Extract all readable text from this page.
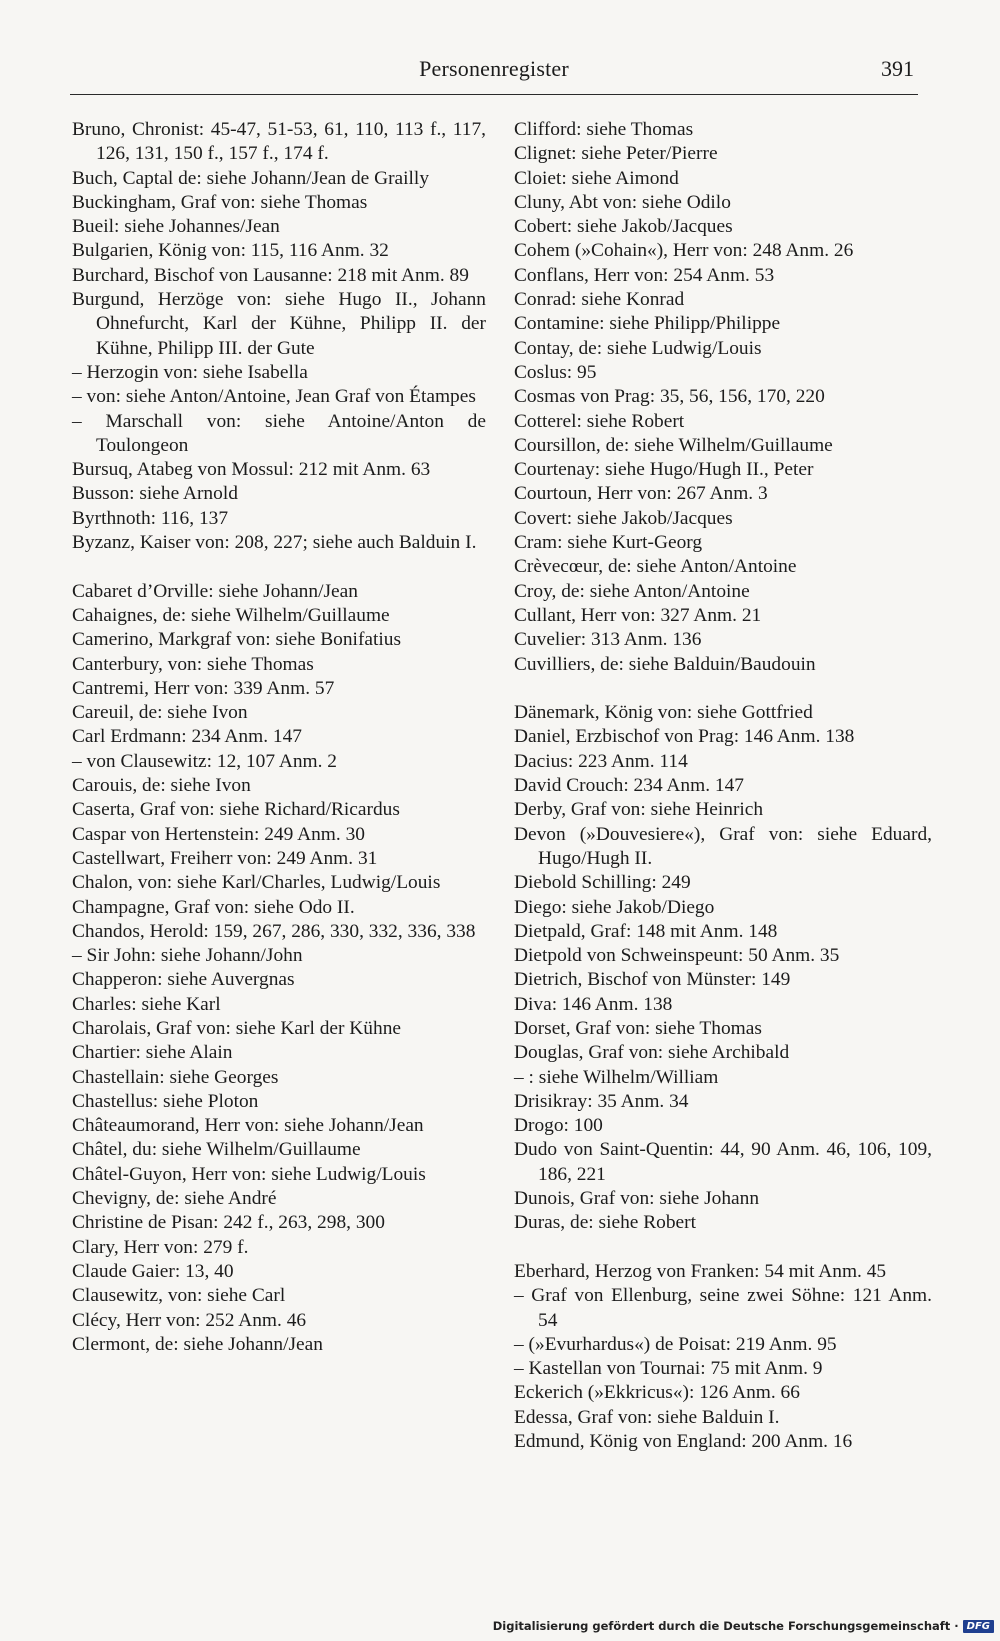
Personenregister	391
Bruno, Chronist: 45-47, 51-53, 61, 110, 113 f., 117, 126, 131, 150 f., 157 f., 174 f.
Buch, Captal de: siehe Johann/Jean de Grailly
Buckingham, Graf von: siehe Thomas
Bueil: siehe Johannes/Jean
Bulgarien, König von: 115, 116 Anm. 32
Burchard, Bischof von Lausanne: 218 mit Anm. 89
Burgund, Herzöge von: siehe Hugo II., Johann Ohnefurcht, Karl der Kühne, Philipp II. der Kühne, Philipp III. der Gute
– Herzogin von: siehe Isabella
– von: siehe Anton/Antoine, Jean Graf von Étampes
– Marschall von: siehe Antoine/Anton de Toulongeon
Bursuq, Atabeg von Mossul: 212 mit Anm. 63
Busson: siehe Arnold
Byrthnoth: 116, 137
Byzanz, Kaiser von: 208, 227; siehe auch Balduin I.
Cabaret d’Orville: siehe Johann/Jean
Cahaignes, de: siehe Wilhelm/Guillaume
Camerino, Markgraf von: siehe Bonifatius
Canterbury, von: siehe Thomas
Cantremi, Herr von: 339 Anm. 57
Careuil, de: siehe Ivon
Carl Erdmann: 234 Anm. 147
– von Clausewitz: 12, 107 Anm. 2
Carouis, de: siehe Ivon
Caserta, Graf von: siehe Richard/Ricardus
Caspar von Hertenstein: 249 Anm. 30
Castellwart, Freiherr von: 249 Anm. 31
Chalon, von: siehe Karl/Charles, Ludwig/Louis
Champagne, Graf von: siehe Odo II.
Chandos, Herold: 159, 267, 286, 330, 332, 336, 338
– Sir John: siehe Johann/John
Chapperon: siehe Auvergnas
Charles: siehe Karl
Charolais, Graf von: siehe Karl der Kühne
Chartier: siehe Alain
Chastellain: siehe Georges
Chastellus: siehe Ploton
Châteaumorand, Herr von: siehe Johann/Jean
Châtel, du: siehe Wilhelm/Guillaume
Châtel-Guyon, Herr von: siehe Ludwig/Louis
Chevigny, de: siehe André
Christine de Pisan: 242 f., 263, 298, 300
Clary, Herr von: 279 f.
Claude Gaier: 13, 40
Clausewitz, von: siehe Carl
Clécy, Herr von: 252 Anm. 46
Clermont, de: siehe Johann/Jean
Clifford: siehe Thomas
Clignet: siehe Peter/Pierre
Cloiet: siehe Aimond
Cluny, Abt von: siehe Odilo
Cobert: siehe Jakob/Jacques
Cohem (»Cohain«), Herr von: 248 Anm. 26
Conflans, Herr von: 254 Anm. 53
Conrad: siehe Konrad
Contamine: siehe Philipp/Philippe
Contay, de: siehe Ludwig/Louis
Coslus: 95
Cosmas von Prag: 35, 56, 156, 170, 220
Cotterel: siehe Robert
Coursillon, de: siehe Wilhelm/Guillaume
Courtenay: siehe Hugo/Hugh II., Peter
Courtoun, Herr von: 267 Anm. 3
Covert: siehe Jakob/Jacques
Cram: siehe Kurt-Georg
Crèvecœur, de: siehe Anton/Antoine
Croy, de: siehe Anton/Antoine
Cullant, Herr von: 327 Anm. 21
Cuvelier: 313 Anm. 136
Cuvilliers, de: siehe Balduin/Baudouin
Dänemark, König von: siehe Gottfried
Daniel, Erzbischof von Prag: 146 Anm. 138
Dacius: 223 Anm. 114
David Crouch: 234 Anm. 147
Derby, Graf von: siehe Heinrich
Devon (»Douvesiere«), Graf von: siehe Eduard, Hugo/Hugh II.
Diebold Schilling: 249
Diego: siehe Jakob/Diego
Dietpald, Graf: 148 mit Anm. 148
Dietpold von Schweinspeunt: 50 Anm. 35
Dietrich, Bischof von Münster: 149
Diva: 146 Anm. 138
Dorset, Graf von: siehe Thomas
Douglas, Graf von: siehe Archibald
– : siehe Wilhelm/William
Drisikray: 35 Anm. 34
Drogo: 100
Dudo von Saint-Quentin: 44, 90 Anm. 46, 106, 109, 186, 221
Dunois, Graf von: siehe Johann
Duras, de: siehe Robert
Eberhard, Herzog von Franken: 54 mit Anm. 45
– Graf von Ellenburg, seine zwei Söhne: 121 Anm. 54
– (»Evurhardus«) de Poisat: 219 Anm. 95
– Kastellan von Tournai: 75 mit Anm. 9
Eckerich (»Ekkricus«): 126 Anm. 66
Edessa, Graf von: siehe Balduin I.
Edmund, König von England: 200 Anm. 16
Digitalisierung gefördert durch die Deutsche Forschungsgemeinschaft · DFG
